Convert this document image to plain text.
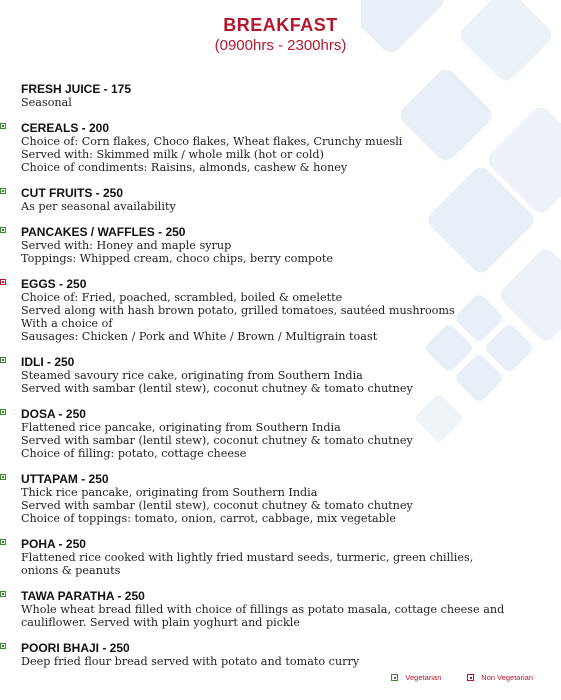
BREAKFAST
(0900hrs - 2300hrs)
FRESH JUICE - 175
Seasonal
CEREALS - 200
Choice of: Corn flakes, Choco flakes, Wheat flakes, Crunchy muesli
Served with: Skimmed milk / whole milk (hot or cold)
Choice of condiments: Raisins, almonds, cashew & honey
CUT FRUITS - 250
As per seasonal availability
PANCAKES / WAFFLES - 250
Served with: Honey and maple syrup
Toppings: Whipped cream, choco chips, berry compote
EGGS - 250
Choice of: Fried, poached, scrambled, boiled & omelette
Served along with hash brown potato, grilled tomatoes, sautéed mushrooms
With a choice of
Sausages: Chicken / Pork and White / Brown / Multigrain toast
IDLI - 250
Steamed savoury rice cake, originating from Southern India
Served with sambar (lentil stew), coconut chutney & tomato chutney
DOSA - 250
Flattened rice pancake, originating from Southern India
Served with sambar (lentil stew), coconut chutney & tomato chutney
Choice of filling: potato, cottage cheese
UTTAPAM - 250
Thick rice pancake, originating from Southern India
Served with sambar (lentil stew), coconut chutney & tomato chutney
Choice of toppings: tomato, onion, carrot, cabbage, mix vegetable
POHA - 250
Flattened rice cooked with lightly fried mustard seeds, turmeric, green chillies,
onions & peanuts
TAWA PARATHA - 250
Whole wheat bread filled with choice of fillings as potato masala, cottage cheese and
cauliflower. Served with plain yoghurt and pickle
POORI BHAJI - 250
Deep fried flour bread served with potato and tomato curry
Vegetarian	Non Vegetarian
